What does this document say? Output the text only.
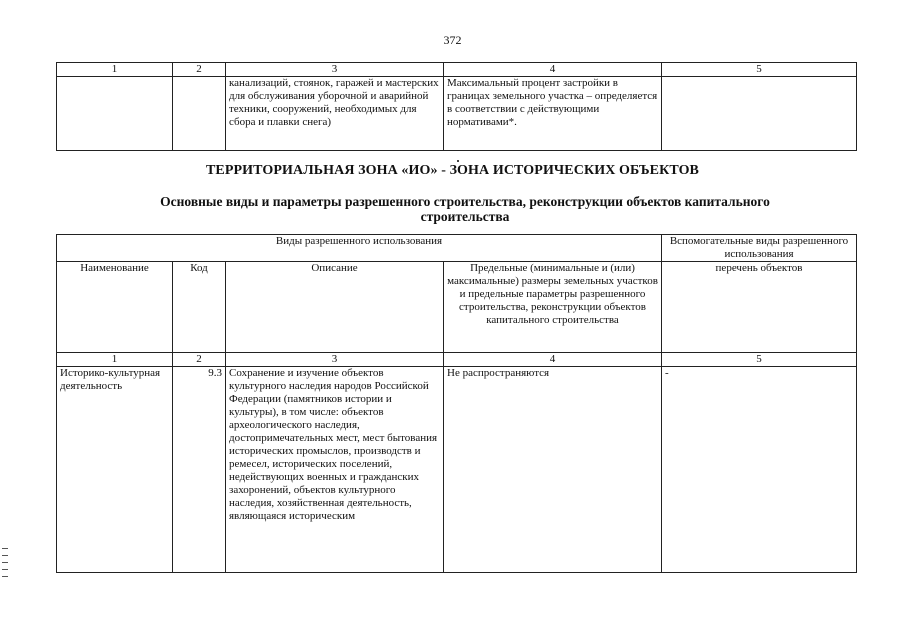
372
1	2	3	4	5
		канализаций, стоянок, гаражей и мастерских для обслуживания уборочной и аварийной техники, сооружений, необходимых для сбора и плавки снега)	Максимальный процент застройки в границах земельного участка – определяется в соответствии с действующими нормативами*.	
ТЕРРИТОРИАЛЬНАЯ ЗОНА «ИО» - ЗОНА ИСТОРИЧЕСКИХ ОБЪЕКТОВ
Основные виды и параметры разрешенного строительства, реконструкции объектов капитального строительства
Виды разрешенного использования				Вспомогательные виды разрешенного использования
Наименование	Код	Описание	Предельные (минимальные и (или) максимальные) размеры земельных участков и предельные параметры разрешенного строительства, реконструкции объектов капитального строительства	перечень объектов
1	2	3	4	5
Историко-культурная деятельность	9.3	Сохранение и изучение объектов культурного наследия народов Российской Федерации (памятников истории и культуры), в том числе: объектов археологического наследия, достопримечательных мест, мест бытования исторических промыслов, производств и ремесел, исторических поселений, недействующих военных и гражданских захоронений, объектов культурного наследия, хозяйственная деятельность, являющаяся историческим	Не распространяются	-
